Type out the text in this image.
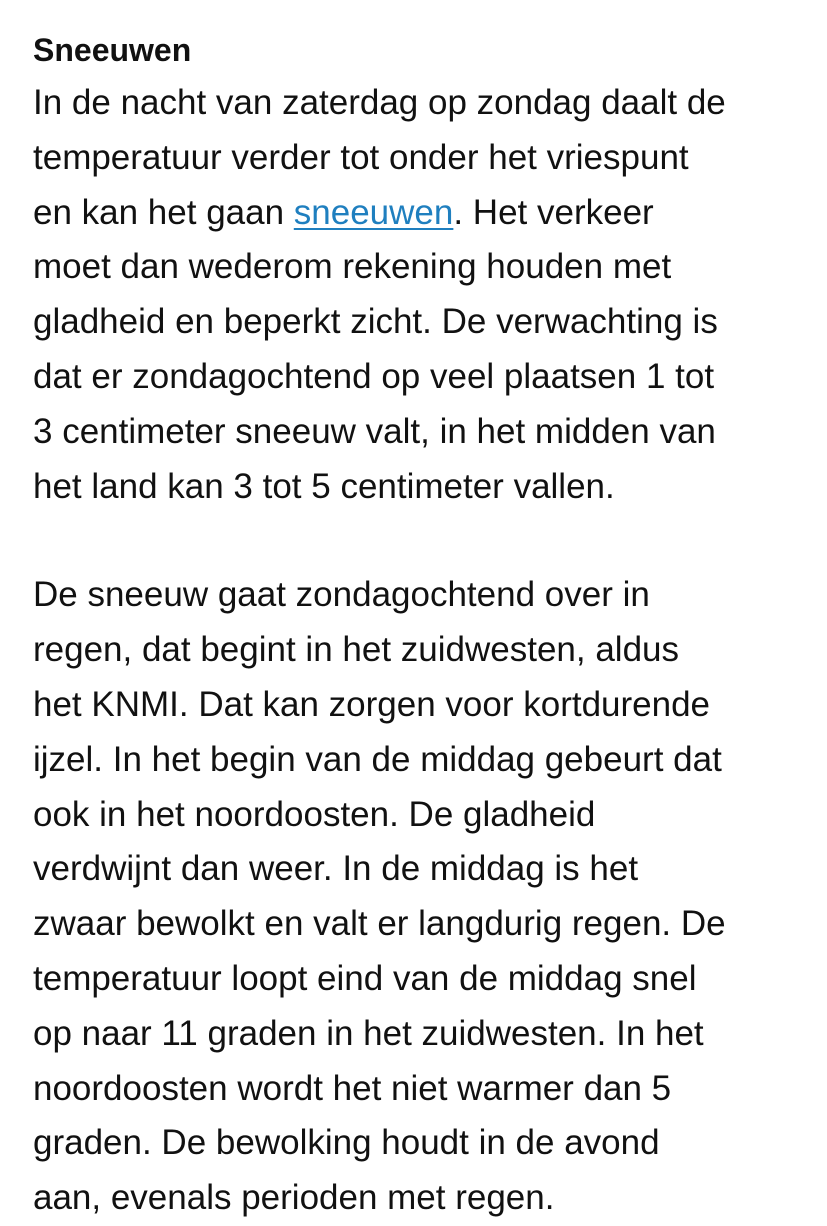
Sneeuwen

In de nacht van zaterdag op zondag daalt de
temperatuur verder tot onder het vriespunt
en kan het gaan sneeuwen. Het verkeer
moet dan wederom rekening houden met
gladheid en beperkt zicht. De verwachting is
dat er zondagochtend op veel plaatsen 1 tot
3 centimeter sneeuw valt, in het midden van
het land kan 3 tot 5 centimeter vallen.

De sneeuw gaat zondagochtend over in
regen, dat begint in het zuidwesten, aldus
het KNMI. Dat kan zorgen voor kortdurende
ijzel. In het begin van de middag gebeurt dat
ook in het noordoosten. De gladheid
verdwijnt dan weer. In de middag is het
zwaar bewolkt en valt er langdurig regen. De
temperatuur loopt eind van de middag snel
op naar 11 graden in het zuidwesten. In het
noordoosten wordt het niet warmer dan 5
graden. De bewolking houdt in de avond
aan, evenals perioden met regen.
